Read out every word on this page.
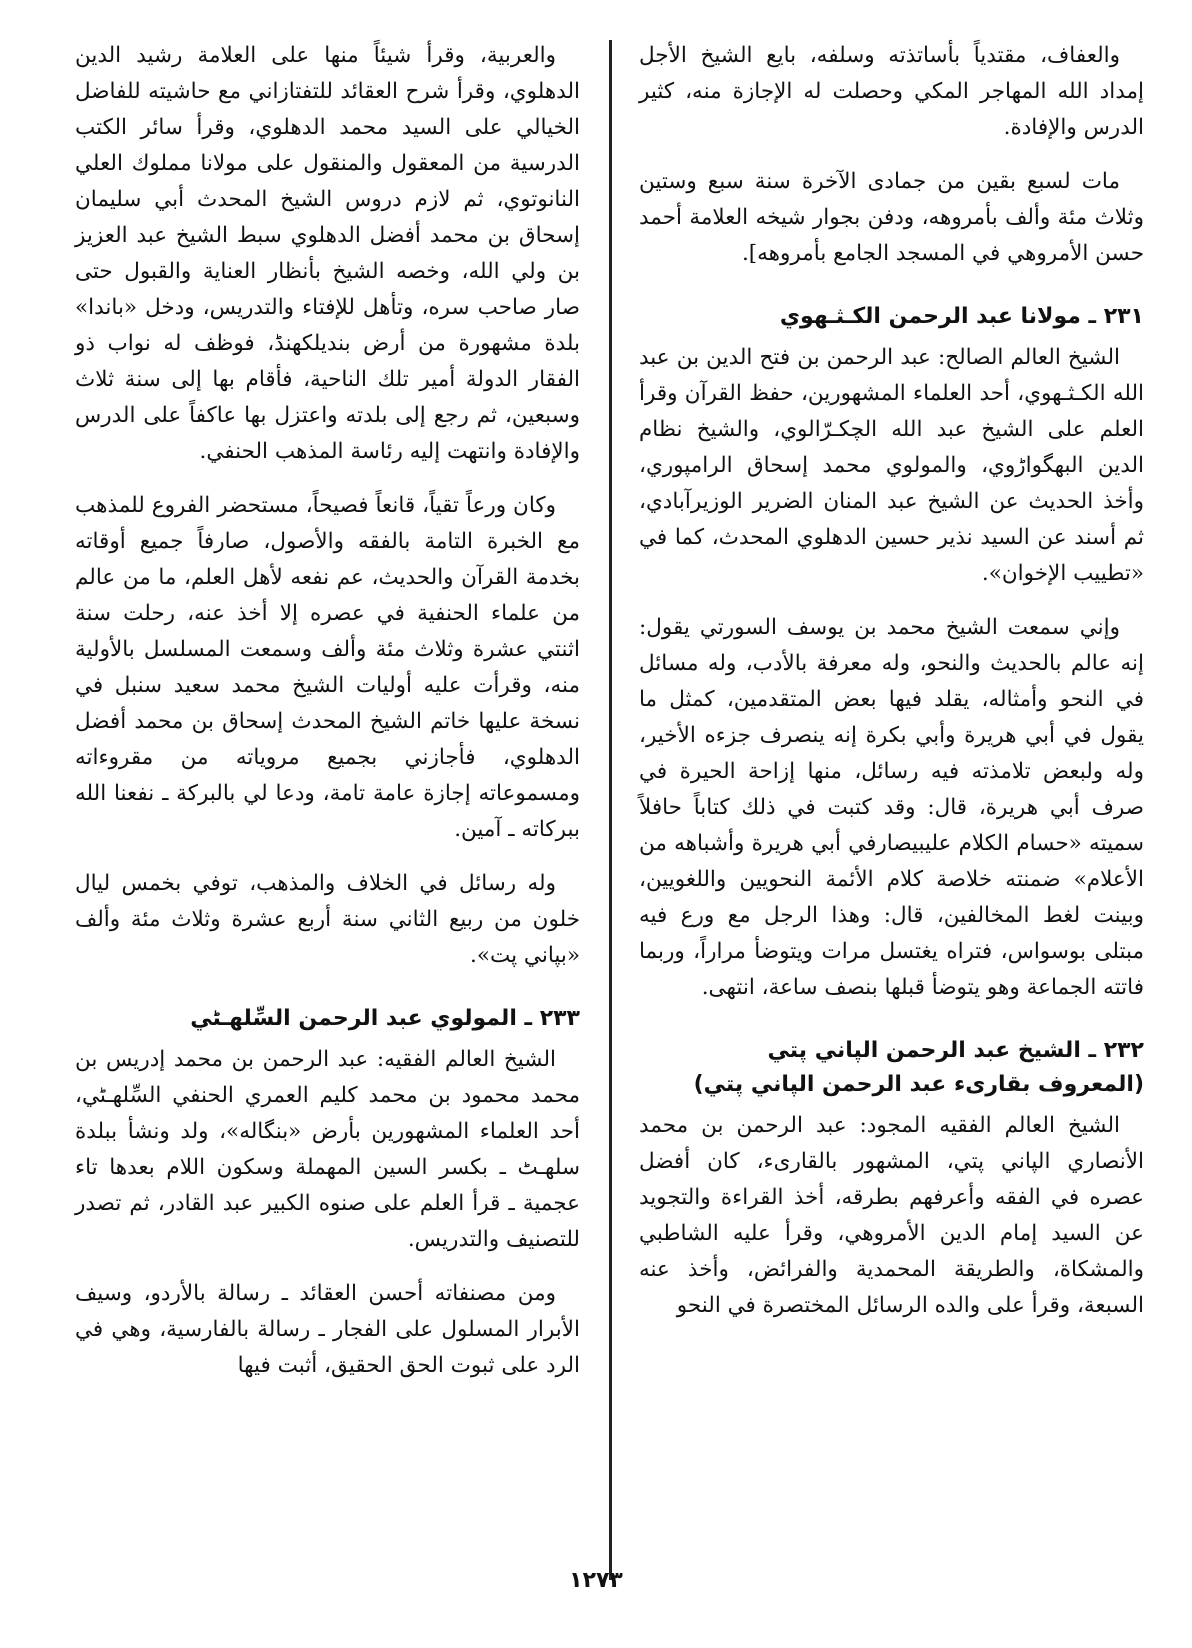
والعفاف، مقتدياً بأساتذته وسلفه، بايع الشيخ الأجل إمداد الله المهاجر المكي وحصلت له الإجازة منه، كثير الدرس والإفادة.

مات لسبع بقين من جمادى الآخرة سنة سبع وستين وثلاث مئة وألف بأمروهه، ودفن بجوار شيخه العلامة أحمد حسن الأمروهي في المسجد الجامع بأمروهه].

٢٣١ ـ مولانا عبد الرحمن الكـثـهوي

الشيخ العالم الصالح: عبد الرحمن بن فتح الدين بن عبد الله الكـثـهوي، أحد العلماء المشهورين، حفظ القرآن وقرأ العلم على الشيخ عبد الله الچكـرّالوي، والشيخ نظام الدين البهگواڑوي، والمولوي محمد إسحاق الرامپوري، وأخذ الحديث عن الشيخ عبد المنان الضرير الوزيرآبادي، ثم أسند عن السيد نذير حسين الدهلوي المحدث، كما في «تطييب الإخوان».

وإني سمعت الشيخ محمد بن يوسف السورتي يقول: إنه عالم بالحديث والنحو، وله معرفة بالأدب، وله مسائل في النحو وأمثاله، يقلد فيها بعض المتقدمين، كمثل ما يقول في أبي هريرة وأبي بكرة إنه ينصرف جزءه الأخير، وله ولبعض تلامذته فيه رسائل، منها إزاحة الحيرة في صرف أبي هريرة، قال: وقد كتبت في ذلك كتاباً حافلاً سميته «حسام الكلام عليبيصارفي أبي هريرة وأشباهه من الأعلام» ضمنته خلاصة كلام الأئمة النحويين واللغويين، وبينت لغط المخالفين، قال: وهذا الرجل مع ورع فيه مبتلى بوسواس، فتراه يغتسل مرات ويتوضأ مراراً، وربما فاتته الجماعة وهو يتوضأ قبلها بنصف ساعة، انتهى.

٢٣٢ ـ الشيخ عبد الرحمن الپاني پتي
(المعروف بقارىء عبد الرحمن الپاني پتي)

الشيخ العالم الفقيه المجود: عبد الرحمن بن محمد الأنصاري الپاني پتي، المشهور بالقارىء، كان أفضل عصره في الفقه وأعرفهم بطرقه، أخذ القراءة والتجويد عن السيد إمام الدين الأمروهي، وقرأ عليه الشاطبي والمشكاة، والطريقة المحمدية والفرائض، وأخذ عنه السبعة، وقرأ على والده الرسائل المختصرة في النحو

والعربية، وقرأ شيئاً منها على العلامة رشيد الدين الدهلوي، وقرأ شرح العقائد للتفتازاني مع حاشيته للفاضل الخيالي على السيد محمد الدهلوي، وقرأ سائر الكتب الدرسية من المعقول والمنقول على مولانا مملوك العلي النانوتوي، ثم لازم دروس الشيخ المحدث أبي سليمان إسحاق بن محمد أفضل الدهلوي سبط الشيخ عبد العزيز بن ولي الله، وخصه الشيخ بأنظار العناية والقبول حتى صار صاحب سره، وتأهل للإفتاء والتدريس، ودخل «باندا» بلدة مشهورة من أرض بنديلكهنڈ، فوظف له نواب ذو الفقار الدولة أمير تلك الناحية، فأقام بها إلى سنة ثلاث وسبعين، ثم رجع إلى بلدته واعتزل بها عاكفاً على الدرس والإفادة وانتهت إليه رئاسة المذهب الحنفي.

وكان ورعاً تقياً، قانعاً فصيحاً، مستحضر الفروع للمذهب مع الخبرة التامة بالفقه والأصول، صارفاً جميع أوقاته بخدمة القرآن والحديث، عم نفعه لأهل العلم، ما من عالم من علماء الحنفية في عصره إلا أخذ عنه، رحلت سنة اثنتي عشرة وثلاث مئة وألف وسمعت المسلسل بالأولية منه، وقرأت عليه أوليات الشيخ محمد سعيد سنبل في نسخة عليها خاتم الشيخ المحدث إسحاق بن محمد أفضل الدهلوي، فأجازني بجميع مروياته من مقروءاته ومسموعاته إجازة عامة تامة، ودعا لي بالبركة ـ نفعنا الله ببركاته ـ آمين.

وله رسائل في الخلاف والمذهب، توفي بخمس ليال خلون من ربيع الثاني سنة أربع عشرة وثلاث مئة وألف «بپاني پت».

٢٣٣ ـ المولوي عبد الرحمن السِّلهـٹي

الشيخ العالم الفقيه: عبد الرحمن بن محمد إدريس بن محمد محمود بن محمد كليم العمري الحنفي السِّلهـٹي، أحد العلماء المشهورين بأرض «بنگاله»، ولد ونشأ ببلدة سلهـٹ ـ بكسر السين المهملة وسكون اللام بعدها تاء عجمية ـ قرأ العلم على صنوه الكبير عبد القادر، ثم تصدر للتصنيف والتدريس.

ومن مصنفاته أحسن العقائد ـ رسالة بالأردو، وسيف الأبرار المسلول على الفجار ـ رسالة بالفارسية، وهي في الرد على ثبوت الحق الحقيق، أثبت فيها

١٢٧٣
